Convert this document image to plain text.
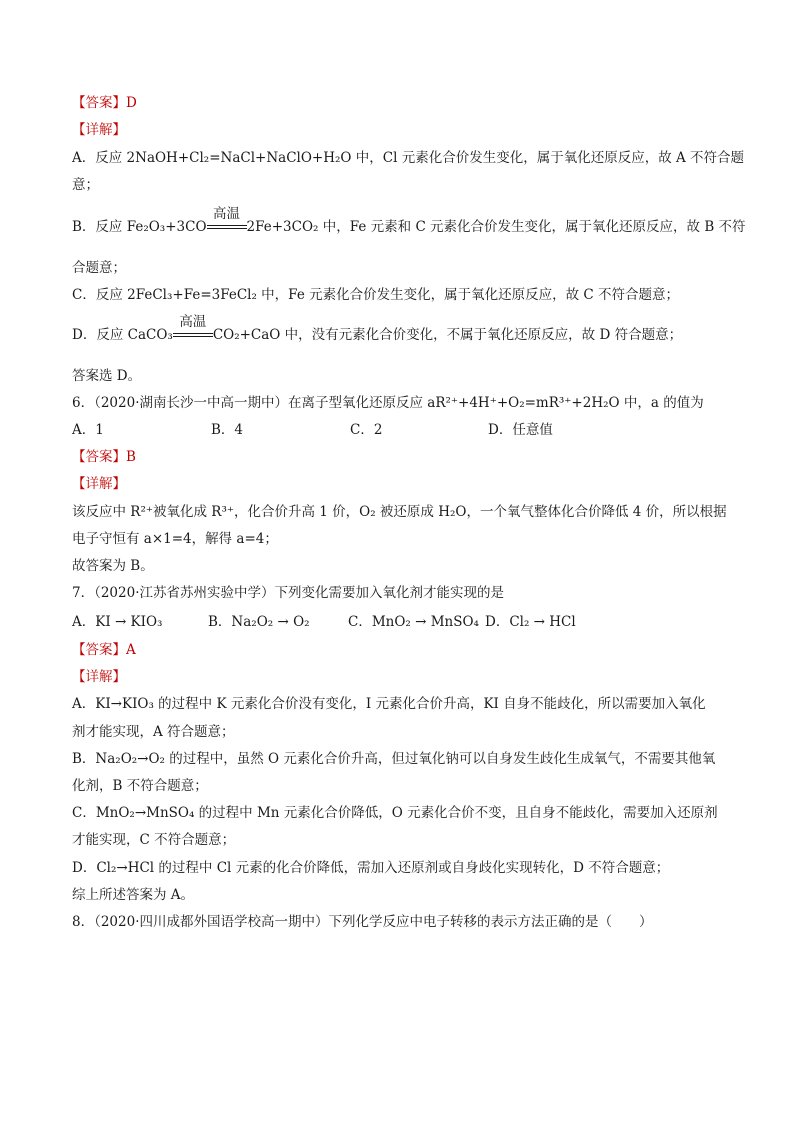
【答案】D
【详解】
A．反应 2NaOH+Cl₂=NaCl+NaClO+H₂O 中，Cl 元素化合价发生变化，属于氧化还原反应，故 A 不符合题
意；
B．反应 Fe₂O₃+3CO
高温
2Fe+3CO₂ 中，Fe 元素和 C 元素化合价发生变化，属于氧化还原反应，故 B 不符
合题意；
C．反应 2FeCl₃+Fe=3FeCl₂ 中，Fe 元素化合价发生变化，属于氧化还原反应，故 C 不符合题意；
D．反应 CaCO₃
高温
CO₂+CaO 中，没有元素化合价变化，不属于氧化还原反应，故 D 符合题意；
答案选 D。
6．（2020·湖南长沙一中高一期中）在离子型氧化还原反应 aR²⁺+4H⁺+O₂=mR³⁺+2H₂O 中，a 的值为
A．1	B．4	C．2	D．任意值
【答案】B
【详解】
该反应中 R²⁺被氧化成 R³⁺，化合价升高 1 价，O₂ 被还原成 H₂O，一个氧气整体化合价降低 4 价，所以根据
电子守恒有 a×1=4，解得 a=4；
故答案为 B。
7．（2020·江苏省苏州实验中学）下列变化需要加入氧化剂才能实现的是
A．KI → KIO₃	B．Na₂O₂ → O₂	C．MnO₂ → MnSO₄ D．Cl₂ → HCl
【答案】A
【详解】
A．KI→KIO₃ 的过程中 K 元素化合价没有变化，I 元素化合价升高，KI 自身不能歧化，所以需要加入氧化
剂才能实现，A 符合题意；
B．Na₂O₂→O₂ 的过程中，虽然 O 元素化合价升高，但过氧化钠可以自身发生歧化生成氧气，不需要其他氧
化剂，B 不符合题意；
C．MnO₂→MnSO₄ 的过程中 Mn 元素化合价降低，O 元素化合价不变，且自身不能歧化，需要加入还原剂
才能实现，C 不符合题意；
D．Cl₂→HCl 的过程中 Cl 元素的化合价降低，需加入还原剂或自身歧化实现转化，D 不符合题意；
综上所述答案为 A。
8．（2020·四川成都外国语学校高一期中）下列化学反应中电子转移的表示方法正确的是（　　）
